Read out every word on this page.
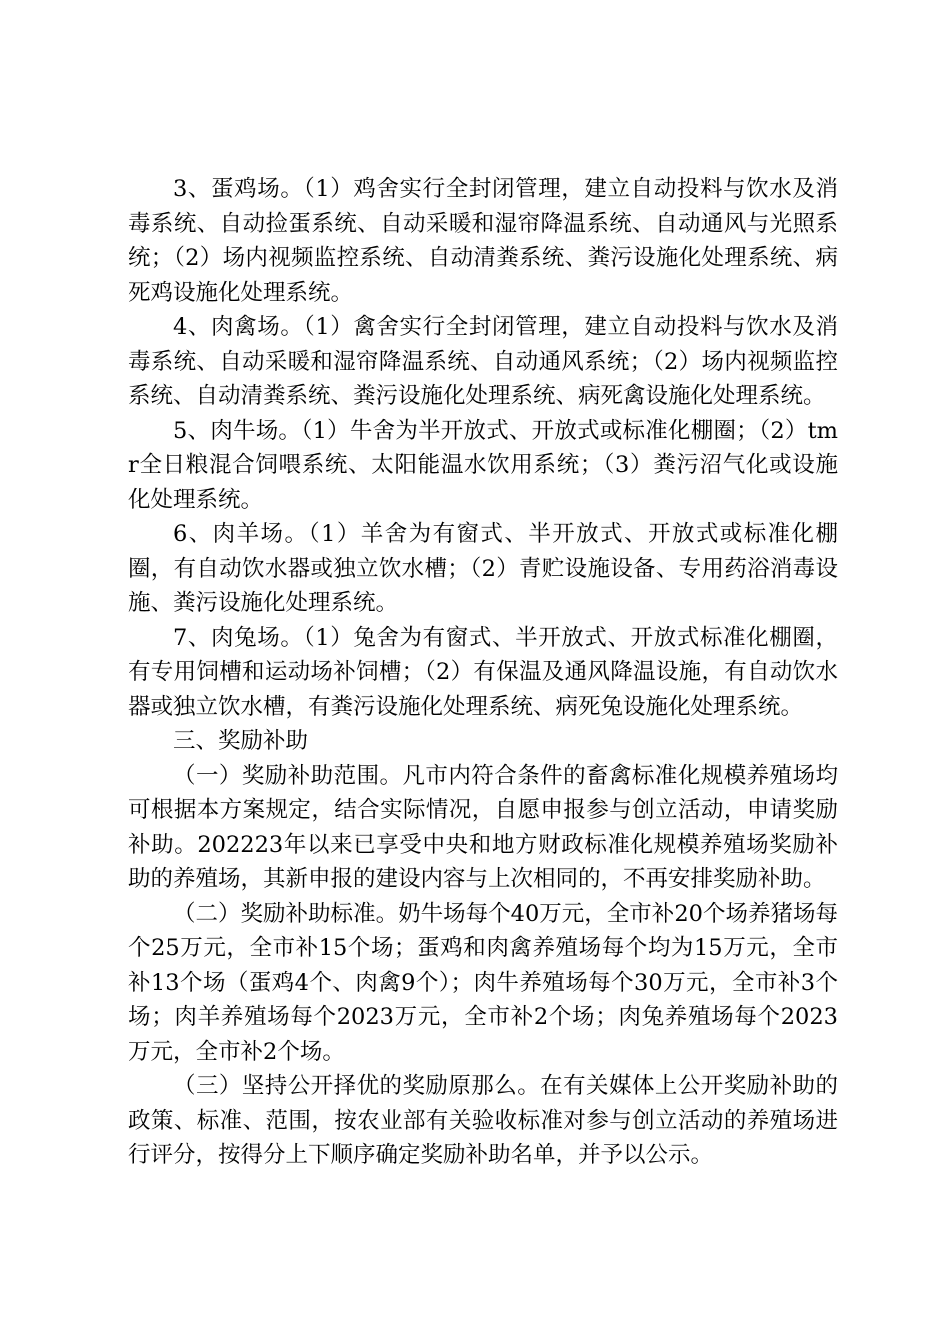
3、蛋鸡场。（1）鸡舍实行全封闭管理，建立自动投料与饮水及消毒系统、自动捡蛋系统、自动采暖和湿帘降温系统、自动通风与光照系统；（2）场内视频监控系统、自动清粪系统、粪污设施化处理系统、病死鸡设施化处理系统。

4、肉禽场。（1）禽舍实行全封闭管理，建立自动投料与饮水及消毒系统、自动采暖和湿帘降温系统、自动通风系统；（2）场内视频监控系统、自动清粪系统、粪污设施化处理系统、病死禽设施化处理系统。

5、肉牛场。（1）牛舍为半开放式、开放式或标准化棚圈；（2）tmr全日粮混合饲喂系统、太阳能温水饮用系统；（3）粪污沼气化或设施化处理系统。

6、肉羊场。（1）羊舍为有窗式、半开放式、开放式或标准化棚圈，有自动饮水器或独立饮水槽；（2）青贮设施设备、专用药浴消毒设施、粪污设施化处理系统。

7、肉兔场。（1）兔舍为有窗式、半开放式、开放式标准化棚圈，有专用饲槽和运动场补饲槽；（2）有保温及通风降温设施，有自动饮水器或独立饮水槽，有粪污设施化处理系统、病死兔设施化处理系统。

三、奖励补助

（一）奖励补助范围。凡市内符合条件的畜禽标准化规模养殖场均可根据本方案规定，结合实际情况，自愿申报参与创立活动，申请奖励补助。202223年以来已享受中央和地方财政标准化规模养殖场奖励补助的养殖场，其新申报的建设内容与上次相同的，不再安排奖励补助。

（二）奖励补助标准。奶牛场每个40万元，全市补20个场养猪场每个25万元，全市补15个场；蛋鸡和肉禽养殖场每个均为15万元，全市补13个场（蛋鸡4个、肉禽9个）；肉牛养殖场每个30万元，全市补3个场；肉羊养殖场每个2023万元，全市补2个场；肉兔养殖场每个2023万元，全市补2个场。

（三）坚持公开择优的奖励原那么。在有关媒体上公开奖励补助的政策、标准、范围，按农业部有关验收标准对参与创立活动的养殖场进行评分，按得分上下顺序确定奖励补助名单，并予以公示。
